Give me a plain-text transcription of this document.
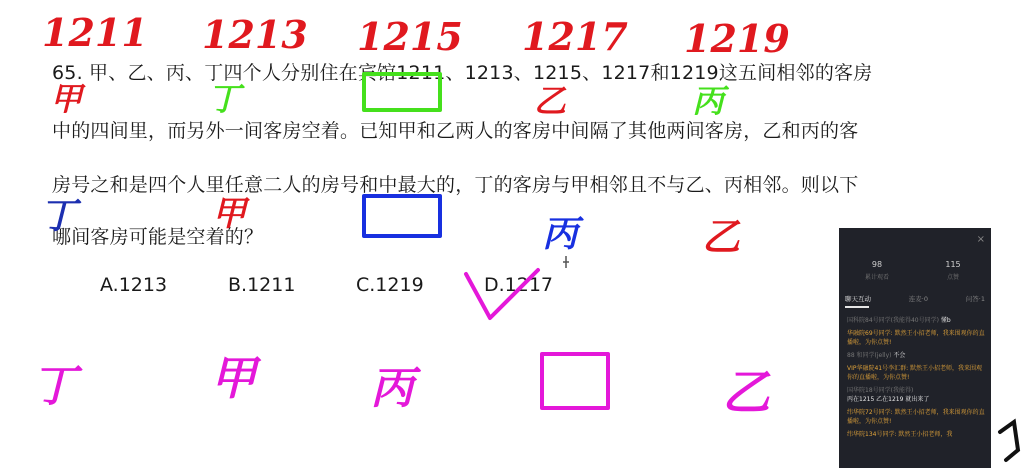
65. 甲、乙、丙、丁四个人分别住在宾馆1211、1213、1215、1217和1219这五间相邻的客房
中的四间里，而另外一间客房空着。已知甲和乙两人的客房中间隔了其他两间客房，乙和丙的客
房号之和是四个人里任意二人的房号和中最大的，丁的客房与甲相邻且不与乙、丙相邻。则以下
哪间客房可能是空着的？
A.1213	B.1211	C.1219	D.1217
1211 1213 1215 1217 1219
甲	丁	乙	丙
丁	甲	丙	乙
丁	甲	丙	乙
×
98
累计观看
115
点赞
聊天互动	连麦·0	问答·1
国科院84号同学(我能得40号同学) 懂b
华融院69号同学: 默然王小招老师，我来围观你的直播啦，为你点赞!
88 和同学(jelly) 不会
VIP华融院41号李汇群: 默然王小招老师，我来围观你的直播啦，为你点赞!
国华院18号同学(我能得)
丙在1215 乙在1219 就出来了
纬华院72号同学: 默然王小招老师，我来围观你的直播啦，为你点赞!
纬华院134号同学: 默然王小招老师，我
